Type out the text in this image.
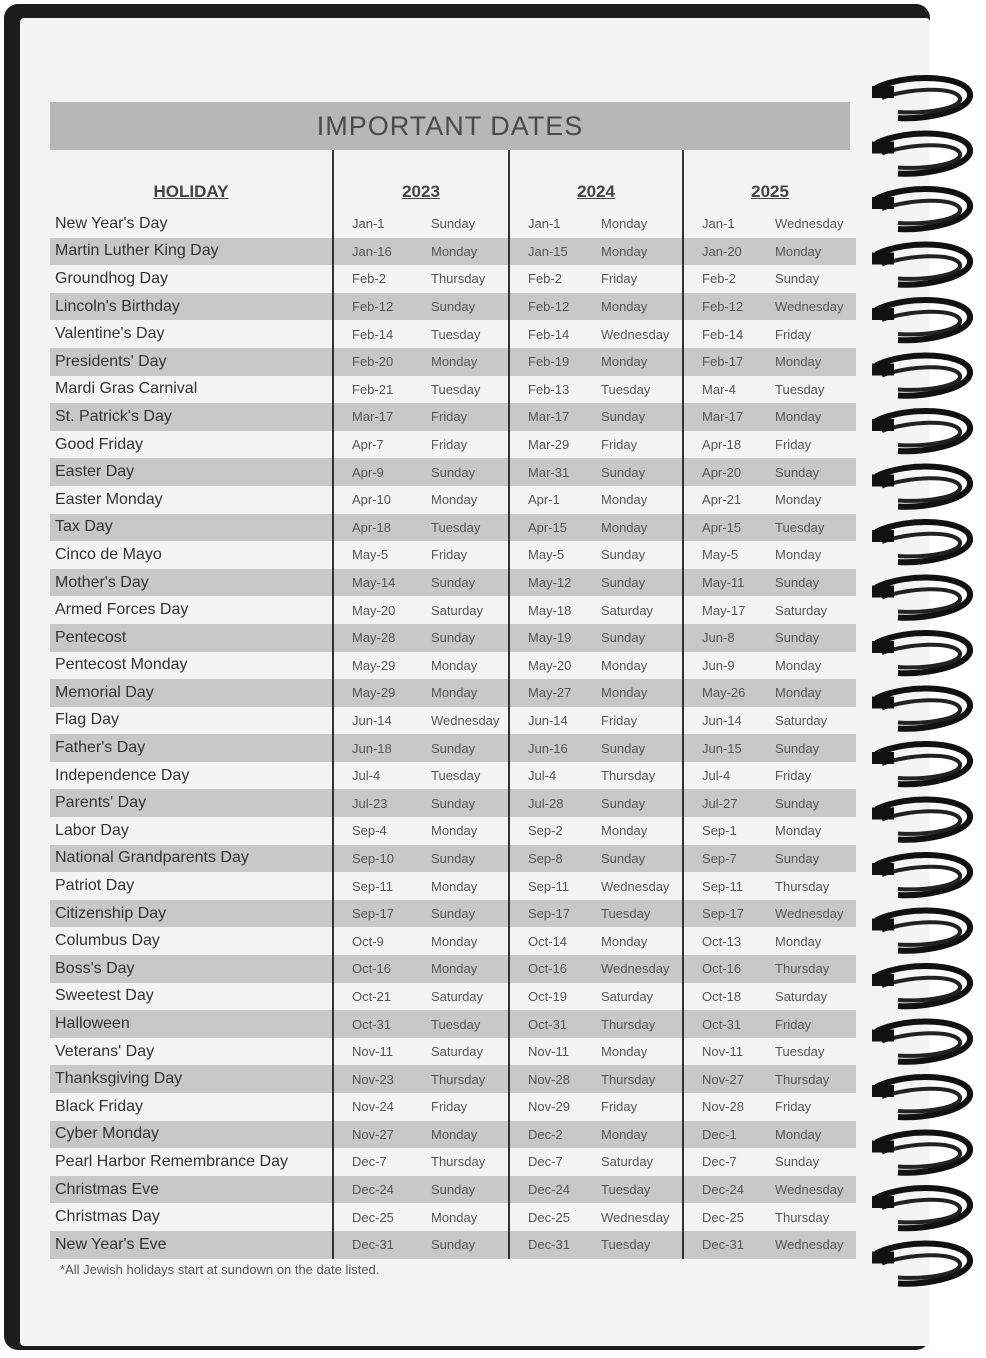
IMPORTANT DATES
HOLIDAY	2023		2024		2025	
New Year's Day	Jan-1	Sunday	Jan-1	Monday	Jan-1	Wednesday
Martin Luther King Day	Jan-16	Monday	Jan-15	Monday	Jan-20	Monday
Groundhog Day	Feb-2	Thursday	Feb-2	Friday	Feb-2	Sunday
Lincoln's Birthday	Feb-12	Sunday	Feb-12	Monday	Feb-12	Wednesday
Valentine's Day	Feb-14	Tuesday	Feb-14	Wednesday	Feb-14	Friday
Presidents' Day	Feb-20	Monday	Feb-19	Monday	Feb-17	Monday
Mardi Gras Carnival	Feb-21	Tuesday	Feb-13	Tuesday	Mar-4	Tuesday
St. Patrick's Day	Mar-17	Friday	Mar-17	Sunday	Mar-17	Monday
Good Friday	Apr-7	Friday	Mar-29	Friday	Apr-18	Friday
Easter Day	Apr-9	Sunday	Mar-31	Sunday	Apr-20	Sunday
Easter Monday	Apr-10	Monday	Apr-1	Monday	Apr-21	Monday
Tax Day	Apr-18	Tuesday	Apr-15	Monday	Apr-15	Tuesday
Cinco de Mayo	May-5	Friday	May-5	Sunday	May-5	Monday
Mother's Day	May-14	Sunday	May-12	Sunday	May-11	Sunday
Armed Forces Day	May-20	Saturday	May-18	Saturday	May-17	Saturday
Pentecost	May-28	Sunday	May-19	Sunday	Jun-8	Sunday
Pentecost Monday	May-29	Monday	May-20	Monday	Jun-9	Monday
Memorial Day	May-29	Monday	May-27	Monday	May-26	Monday
Flag Day	Jun-14	Wednesday	Jun-14	Friday	Jun-14	Saturday
Father's Day	Jun-18	Sunday	Jun-16	Sunday	Jun-15	Sunday
Independence Day	Jul-4	Tuesday	Jul-4	Thursday	Jul-4	Friday
Parents' Day	Jul-23	Sunday	Jul-28	Sunday	Jul-27	Sunday
Labor Day	Sep-4	Monday	Sep-2	Monday	Sep-1	Monday
National Grandparents Day	Sep-10	Sunday	Sep-8	Sunday	Sep-7	Sunday
Patriot Day	Sep-11	Monday	Sep-11	Wednesday	Sep-11	Thursday
Citizenship Day	Sep-17	Sunday	Sep-17	Tuesday	Sep-17	Wednesday
Columbus Day	Oct-9	Monday	Oct-14	Monday	Oct-13	Monday
Boss's Day	Oct-16	Monday	Oct-16	Wednesday	Oct-16	Thursday
Sweetest Day	Oct-21	Saturday	Oct-19	Saturday	Oct-18	Saturday
Halloween	Oct-31	Tuesday	Oct-31	Thursday	Oct-31	Friday
Veterans' Day	Nov-11	Saturday	Nov-11	Monday	Nov-11	Tuesday
Thanksgiving Day	Nov-23	Thursday	Nov-28	Thursday	Nov-27	Thursday
Black Friday	Nov-24	Friday	Nov-29	Friday	Nov-28	Friday
Cyber Monday	Nov-27	Monday	Dec-2	Monday	Dec-1	Monday
Pearl Harbor Remembrance Day	Dec-7	Thursday	Dec-7	Saturday	Dec-7	Sunday
Christmas Eve	Dec-24	Sunday	Dec-24	Tuesday	Dec-24	Wednesday
Christmas Day	Dec-25	Monday	Dec-25	Wednesday	Dec-25	Thursday
New Year's Eve	Dec-31	Sunday	Dec-31	Tuesday	Dec-31	Wednesday
*All Jewish holidays start at sundown on the date listed.
